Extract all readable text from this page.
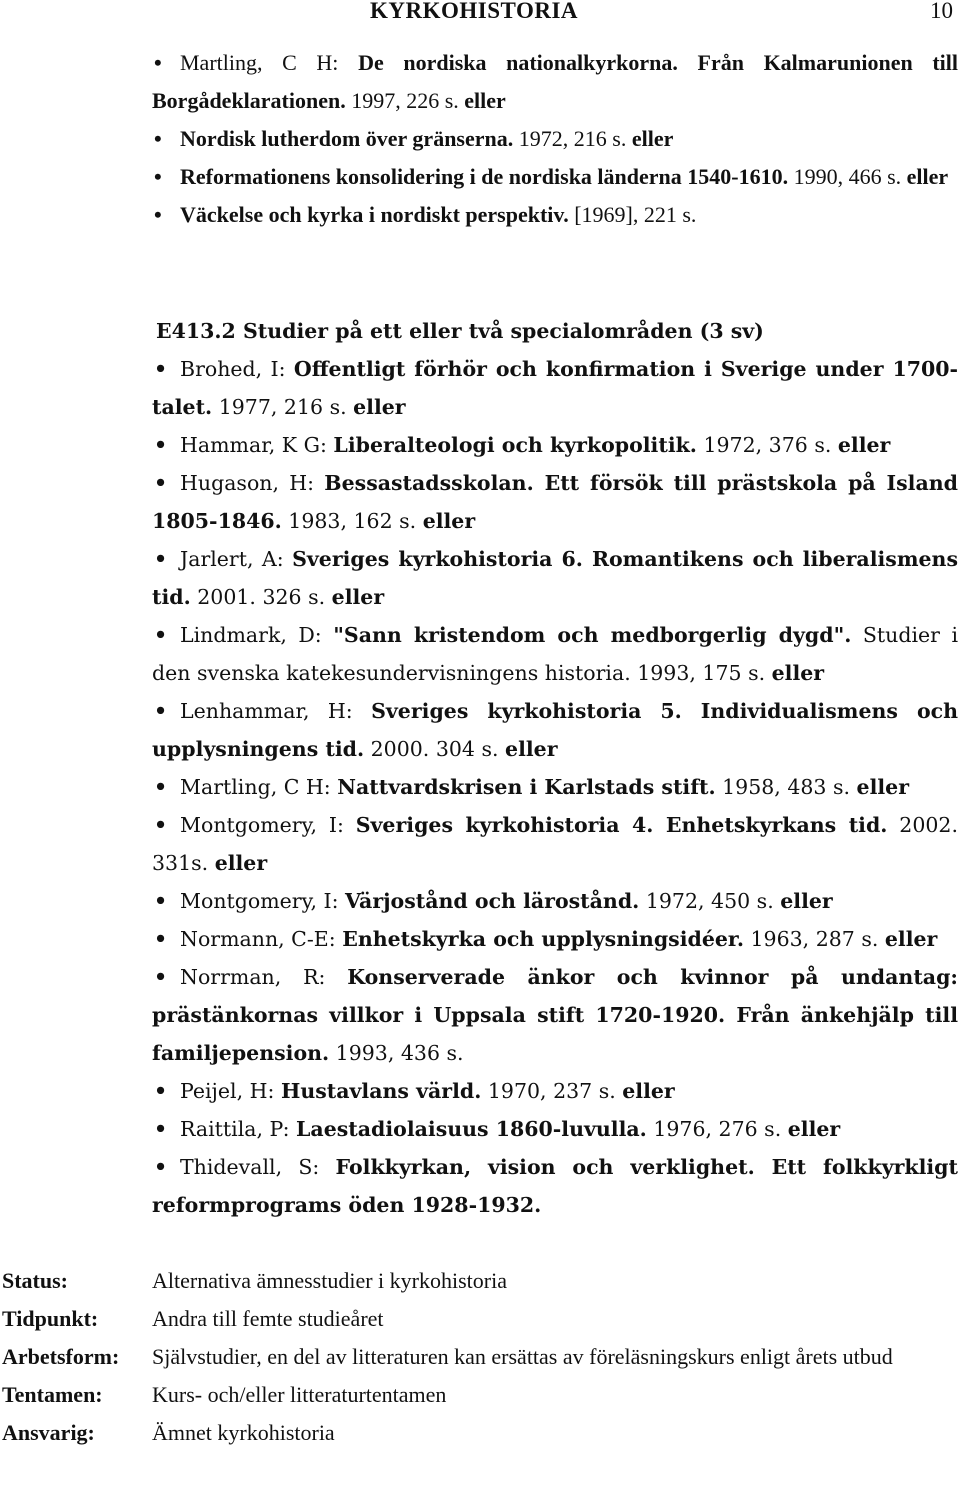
KYRKOHISTORIA	10

• Martling, C H: De nordiska nationalkyrkorna. Från Kalmarunionen till Borgådeklarationen. 1997, 226 s. eller

• Nordisk lutherdom över gränserna. 1972, 216 s. eller

• Reformationens konsolidering i de nordiska länderna 1540-1610. 1990, 466 s. eller

• Väckelse och kyrka i nordiskt perspektiv. [1969], 221 s.

E413.2 Studier på ett eller två specialområden (3 sv)

• Brohed, I: Offentligt förhör och konfirmation i Sverige under 1700-talet. 1977, 216 s. eller

• Hammar, K G: Liberalteologi och kyrkopolitik. 1972, 376 s. eller

• Hugason, H: Bessastadsskolan. Ett försök till prästskola på Island 1805-1846. 1983, 162 s. eller

• Jarlert, A: Sveriges kyrkohistoria 6. Romantikens och liberalismens tid. 2001. 326 s. eller

• Lindmark, D: "Sann kristendom och medborgerlig dygd". Studier i den svenska katekesundervisningens historia. 1993, 175 s. eller

• Lenhammar, H: Sveriges kyrkohistoria 5. Individualismens och upplysningens tid. 2000. 304 s. eller

• Martling, C H: Nattvardskrisen i Karlstads stift. 1958, 483 s. eller

• Montgomery, I: Sveriges kyrkohistoria 4. Enhetskyrkans tid. 2002. 331s. eller

• Montgomery, I: Värjostånd och lärostånd. 1972, 450 s. eller

• Normann, C-E: Enhetskyrka och upplysningsidéer. 1963, 287 s. eller

• Norrman, R: Konserverade änkor och kvinnor på undantag: prästänkornas villkor i Uppsala stift 1720-1920. Från änkehjälp till familjepension. 1993, 436 s.

• Peijel, H: Hustavlans värld. 1970, 237 s. eller

• Raittila, P: Laestadiolaisuus 1860-luvulla. 1976, 276 s. eller

• Thidevall, S: Folkkyrkan, vision och verklighet. Ett folkkyrkligt reformprograms öden 1928-1932.

Status:	Alternativa ämnesstudier i kyrkohistoria
Tidpunkt:	Andra till femte studieåret
Arbetsform:	Självstudier, en del av litteraturen kan ersättas av föreläsningskurs enligt årets utbud
Tentamen:	Kurs- och/eller litteraturtentamen
Ansvarig:	Ämnet kyrkohistoria
